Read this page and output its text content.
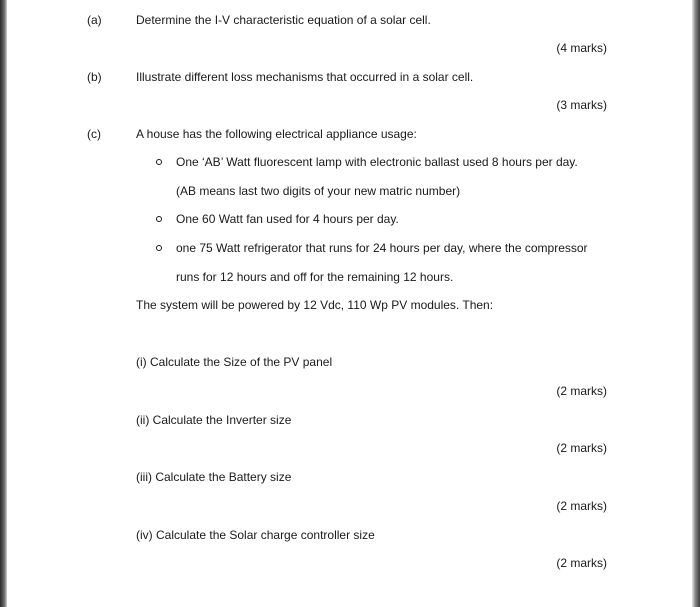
(a)	Determine the I-V characteristic equation of a solar cell.
(4 marks)
(b)	Illustrate different loss mechanisms that occurred in a solar cell.
(3 marks)
(c)	A house has the following electrical appliance usage:
One ‘AB’ Watt fluorescent lamp with electronic ballast used 8 hours per day.
(AB means last two digits of your new matric number)
One 60 Watt fan used for 4 hours per day.
one 75 Watt refrigerator that runs for 24 hours per day, where the compressor
runs for 12 hours and off for the remaining 12 hours.
The system will be powered by 12 Vdc, 110 Wp PV modules. Then:
(i) Calculate the Size of the PV panel
(2 marks)
(ii) Calculate the Inverter size
(2 marks)
(iii) Calculate the Battery size
(2 marks)
(iv) Calculate the Solar charge controller size
(2 marks)
